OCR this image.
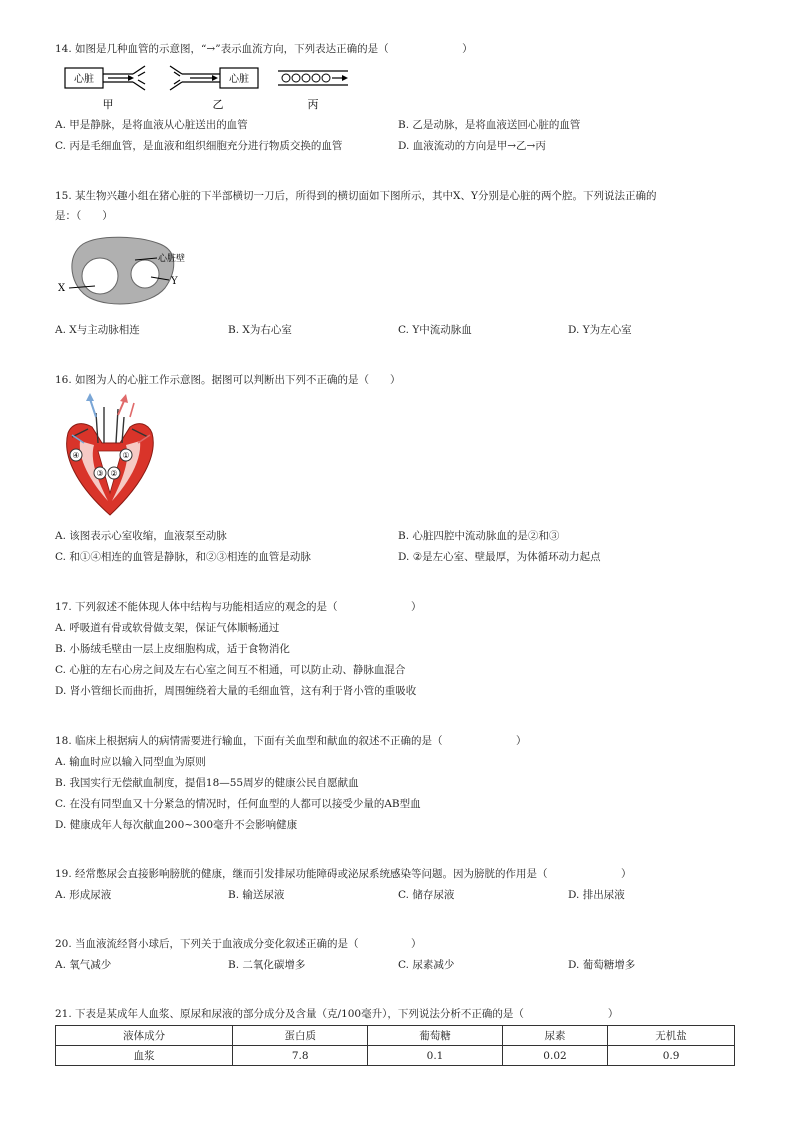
14. 如图是几种血管的示意图，“→”表示血流方向，下列表达正确的是（　　　　　　　）
心脏	心脏
甲	乙	丙
A. 甲是静脉，是将血液从心脏送出的血管	B. 乙是动脉，是将血液送回心脏的血管
C. 丙是毛细血管，是血液和组织细胞充分进行物质交换的血管	D. 血液流动的方向是甲→乙→丙
15. 某生物兴趣小组在猪心脏的下半部横切一刀后，所得到的横切面如下图所示，其中X、Y分别是心脏的两个腔。下列说法正确的
是：（　　）
X
Y
心脏壁
A. X与主动脉相连	B. X为右心室	C. Y中流动脉血	D. Y为左心室
16. 如图为人的心脏工作示意图。据图可以判断出下列不正确的是（　　）
④	①
②
③
A. 该图表示心室收缩，血液泵至动脉	B. 心脏四腔中流动脉血的是②和③
C. 和①④相连的血管是静脉，和②③相连的血管是动脉	D. ②是左心室、壁最厚，为体循环动力起点
17. 下列叙述不能体现人体中结构与功能相适应的观念的是（　　　　　　　）
A. 呼吸道有骨或软骨做支架，保证气体顺畅通过
B. 小肠绒毛壁由一层上皮细胞构成，适于食物消化
C. 心脏的左右心房之间及左右心室之间互不相通，可以防止动、静脉血混合
D. 肾小管细长而曲折，周围缠绕着大量的毛细血管，这有利于肾小管的重吸收
18. 临床上根据病人的病情需要进行输血，下面有关血型和献血的叙述不正确的是（　　　　　　　）
A. 输血时应以输入同型血为原则
B. 我国实行无偿献血制度，提倡18—55周岁的健康公民自愿献血
C. 在没有同型血又十分紧急的情况时，任何血型的人都可以接受少量的AB型血
D. 健康成年人每次献血200~300毫升不会影响健康
19. 经常憋尿会直接影响膀胱的健康，继而引发排尿功能障碍或泌尿系统感染等问题。因为膀胱的作用是（　　　　　　　）
A. 形成尿液	B. 输送尿液	C. 储存尿液	D. 排出尿液
20. 当血液流经肾小球后，下列关于血液成分变化叙述正确的是（　　　　　）
A. 氧气减少	B. 二氧化碳增多	C. 尿素减少	D. 葡萄糖增多
21. 下表是某成年人血浆、原尿和尿液的部分成分及含量（克/100毫升），下列说法分析不正确的是（　　　　　　　　）
液体成分	蛋白质	葡萄糖	尿素	无机盐
血浆	7.8	0.1	0.02	0.9
